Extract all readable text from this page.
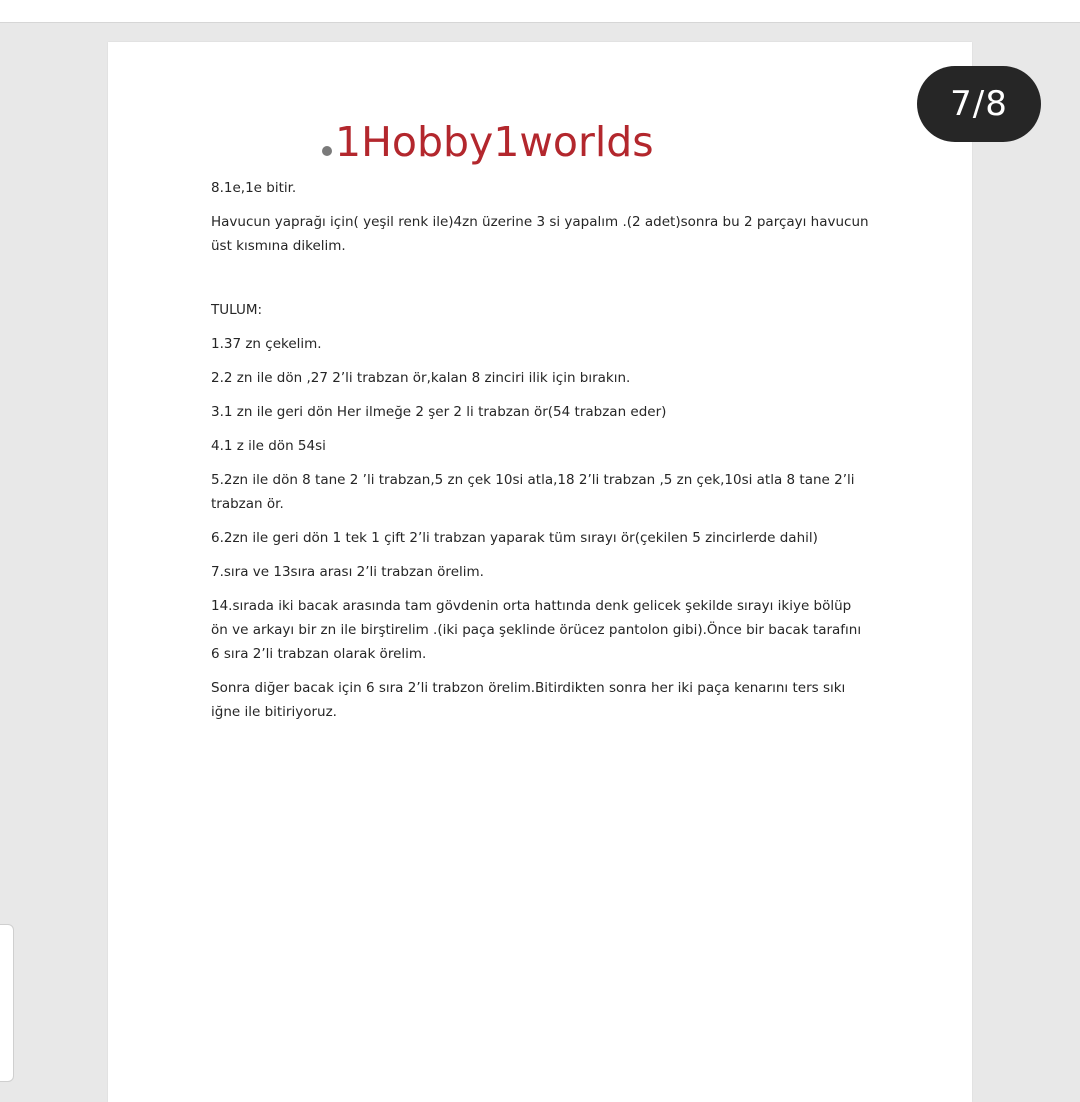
1Hobby1worlds

8.1e,1e bitir.

Havucun yaprağı için( yeşil renk ile)4zn üzerine 3 si yapalım .(2 adet)sonra bu 2 parçayı havucun üst kısmına dikelim.

TULUM:

1.37 zn çekelim.

2.2 zn ile dön ,27 2’li trabzan ör,kalan 8 zinciri ilik için bırakın.

3.1 zn ile geri dön Her ilmeğe 2 şer 2 li trabzan ör(54 trabzan eder)

4.1 z ile dön 54si

5.2zn ile dön 8 tane 2 ’li trabzan,5 zn çek 10si atla,18 2’li trabzan ,5 zn çek,10si atla 8 tane 2’li trabzan ör.

6.2zn ile geri dön 1 tek 1 çift 2’li trabzan yaparak tüm sırayı ör(çekilen 5 zincirlerde dahil)

7.sıra ve 13sıra arası 2’li trabzan örelim.

14.sırada iki bacak arasında tam gövdenin orta hattında denk gelicek şekilde sırayı ikiye bölüp ön ve arkayı bir zn ile birştirelim .(iki paça şeklinde örücez pantolon gibi).Önce bir bacak tarafını 6 sıra 2’li trabzan olarak örelim.

Sonra diğer bacak için 6 sıra 2’li trabzon örelim.Bitirdikten sonra her iki paça kenarını ters sıkı iğne ile bitiriyoruz.

7/8
